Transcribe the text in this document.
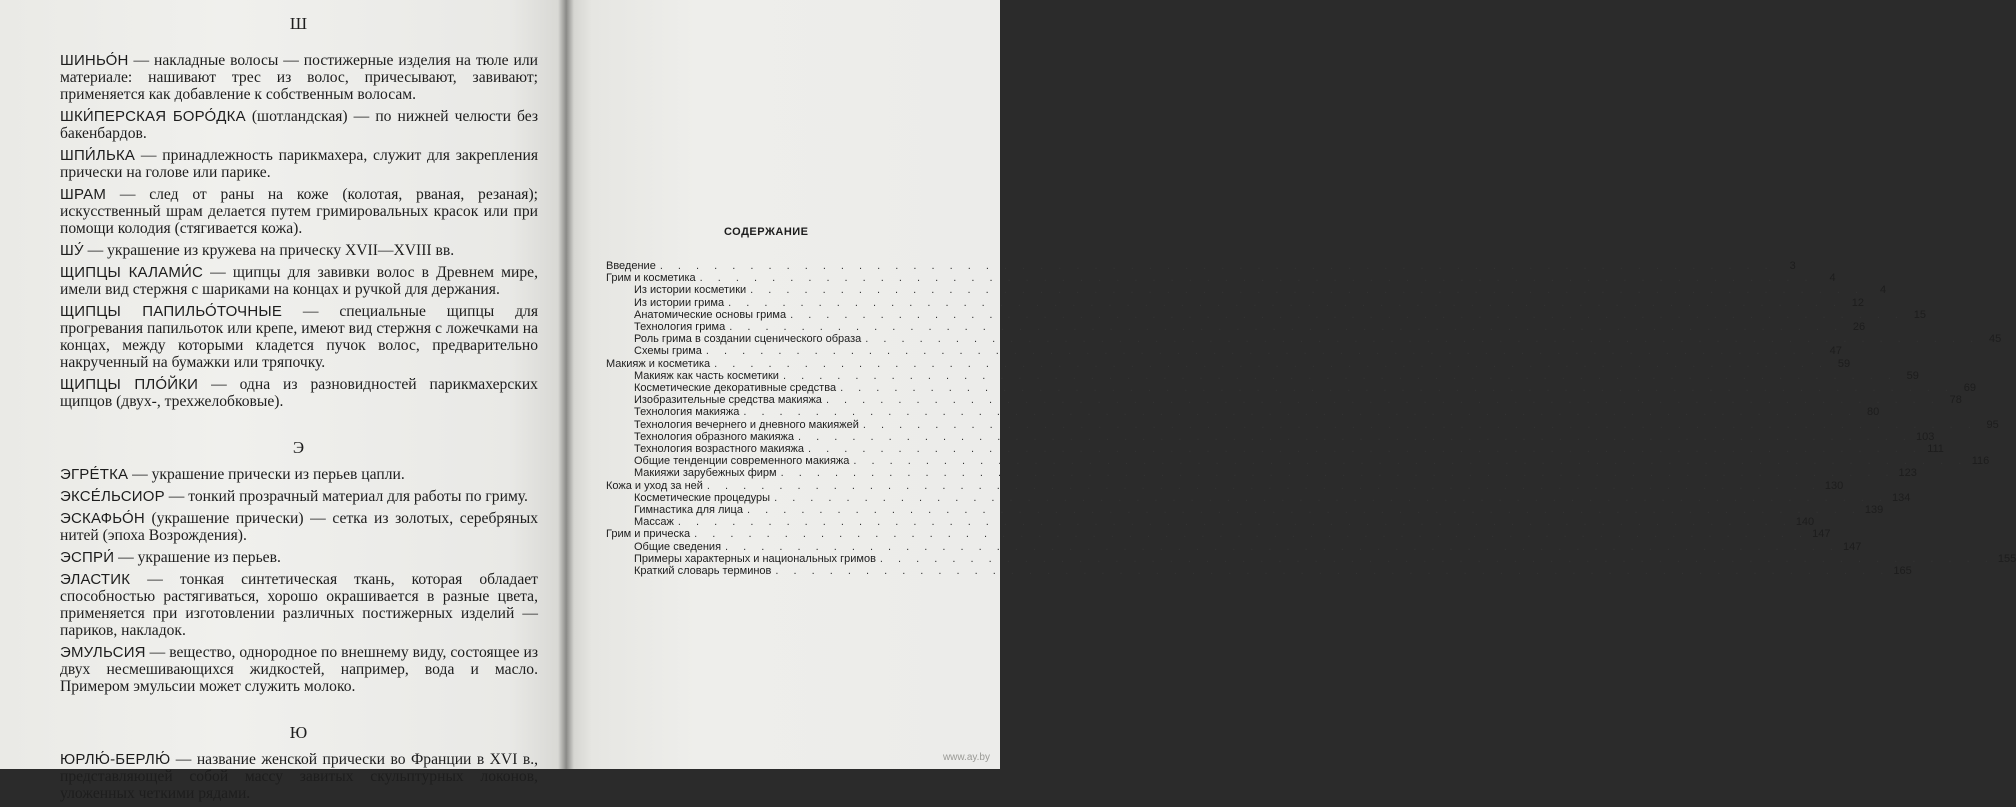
Ш

ШИНЬО́Н — накладные волосы — постижерные изделия на тюле или материале: нашивают трес из волос, причесывают, завивают; применяется как добавление к собственным волосам.

ШКИ́ПЕРСКАЯ БОРО́ДКА (шотландская) — по нижней челюсти без бакенбардов.

ШПИ́ЛЬКА — принадлежность парикмахера, служит для закрепления прически на голове или парике.

ШРАМ — след от раны на коже (колотая, рваная, резаная); искусственный шрам делается путем гримировальных красок или при помощи колодия (стягивается кожа).

ШУ́ — украшение из кружева на прическу XVII—XVIII вв.

ЩИПЦЫ КАЛАМИ́С — щипцы для завивки волос в Древнем мире, имели вид стержня с шариками на концах и ручкой для держания.

ЩИПЦЫ ПАПИЛЬО́ТОЧНЫЕ — специальные щипцы для прогревания папильоток или крепе, имеют вид стержня с ложечками на концах, между которыми кладется пучок волос, предварительно накрученный на бумажки или тряпочку.

ЩИПЦЫ ПЛО́ЙКИ — одна из разновидностей парикмахерских щипцов (двух-, трехжелобковые).

Э

ЭГРЕ́ТКА — украшение прически из перьев цапли.

ЭКСЕ́ЛЬСИОР — тонкий прозрачный материал для работы по гриму.

ЭСКАФЬО́Н (украшение прически) — сетка из золотых, серебряных нитей (эпоха Возрождения).

ЭСПРИ́ — украшение из перьев.

ЭЛАСТИК — тонкая синтетическая ткань, которая обладает способностью растягиваться, хорошо окрашивается в разные цвета, применяется при изготовлении различных постижерных изделий — париков, накладок.

ЭМУЛЬСИЯ — вещество, однородное по внешнему виду, состоящее из двух несмешивающихся жидкостей, например, вода и масло. Примером эмульсии может служить молоко.

Ю

ЮРЛЮ́-БЕРЛЮ́ — название женской прически во Франции в XVI в., представляющей собой массу завитых скульптурных локонов, уложенных четкими рядами.

СОДЕРЖАНИЕ
Введение . . .	3
Грим и косметика . . .	4
Из истории косметики . . .	4
Из истории грима . . .	12
Анатомические основы грима . . .	15
Технология грима . . .	26
Роль грима в создании сценического образа . . .	45
Схемы грима . . .	47
Макияж и косметика . . .	59
Макияж как часть косметики . . .	59
Косметические декоративные средства . . .	69
Изобразительные средства макияжа . . .	78
Технология макияжа . . .	80
Технология вечернего и дневного макияжей . . .	95
Технология образного макияжа . . .	103
Технология возрастного макияжа . . .	111
Общие тенденции современного макияжа . . .	116
Макияжи зарубежных фирм . . .	123
Кожа и уход за ней . . .	130
Косметические процедуры . . .	134
Гимнастика для лица . . .	139
Массаж . . .	140
Грим и прическа . . .	147
Общие сведения . . .	147
Примеры характерных и национальных гримов . . .	155
Краткий словарь терминов . . .	165
www.ay.by
